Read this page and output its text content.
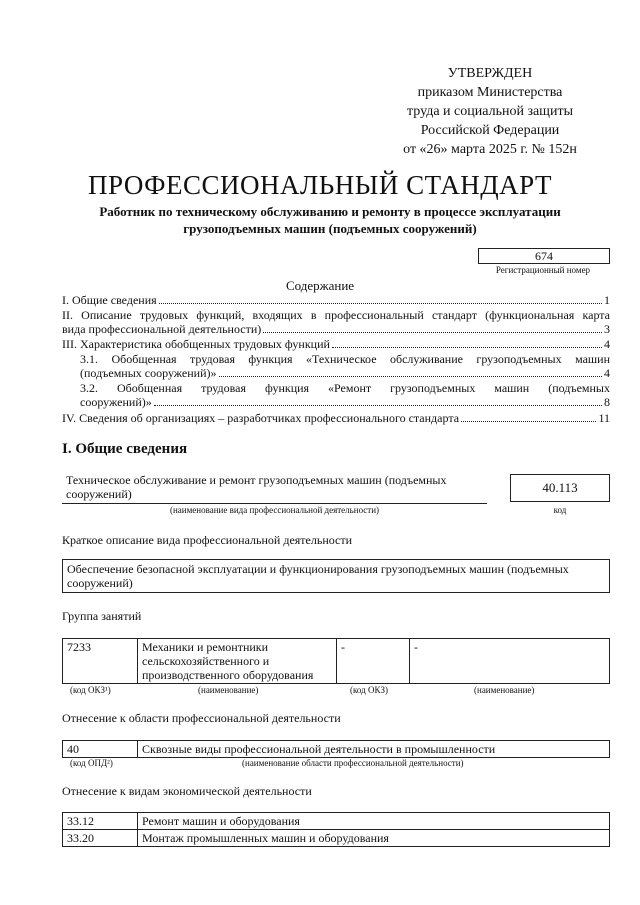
УТВЕРЖДЕН
приказом Министерства
труда и социальной защиты
Российской Федерации
от «26» марта 2025 г. № 152н
ПРОФЕССИОНАЛЬНЫЙ СТАНДАРТ
Работник по техническому обслуживанию и ремонту в процессе эксплуатации
грузоподъемных машин (подъемных сооружений)
674
Регистрационный номер
Содержание
I. Общие сведения	1
II. Описание трудовых функций, входящих в профессиональный стандарт (функциональная карта
вида профессиональной деятельности)	3
III. Характеристика обобщенных трудовых функций	4
3.1. Обобщенная трудовая функция «Техническое обслуживание грузоподъемных машин
(подъемных сооружений)»	4
3.2. Обобщенная трудовая функция «Ремонт грузоподъемных машин (подъемных
сооружений)»	8
IV. Сведения об организациях – разработчиках профессионального стандарта	11
I. Общие сведения
Техническое обслуживание и ремонт грузоподъемных машин (подъемных сооружений)
(наименование вида профессиональной деятельности)
40.113
код
Краткое описание вида профессиональной деятельности
Обеспечение безопасной эксплуатации и функционирования грузоподъемных машин (подъемных сооружений)
Группа занятий
7233	Механики и ремонтники сельскохозяйственного и производственного оборудования	-	-
(код ОКЗ¹)	(наименование)	(код ОКЗ)	(наименование)
Отнесение к области профессиональной деятельности
40	Сквозные виды профессиональной деятельности в промышленности
(код ОПД²)	(наименование области профессиональной деятельности)
Отнесение к видам экономической деятельности
33.12	Ремонт машин и оборудования
33.20	Монтаж промышленных машин и оборудования
